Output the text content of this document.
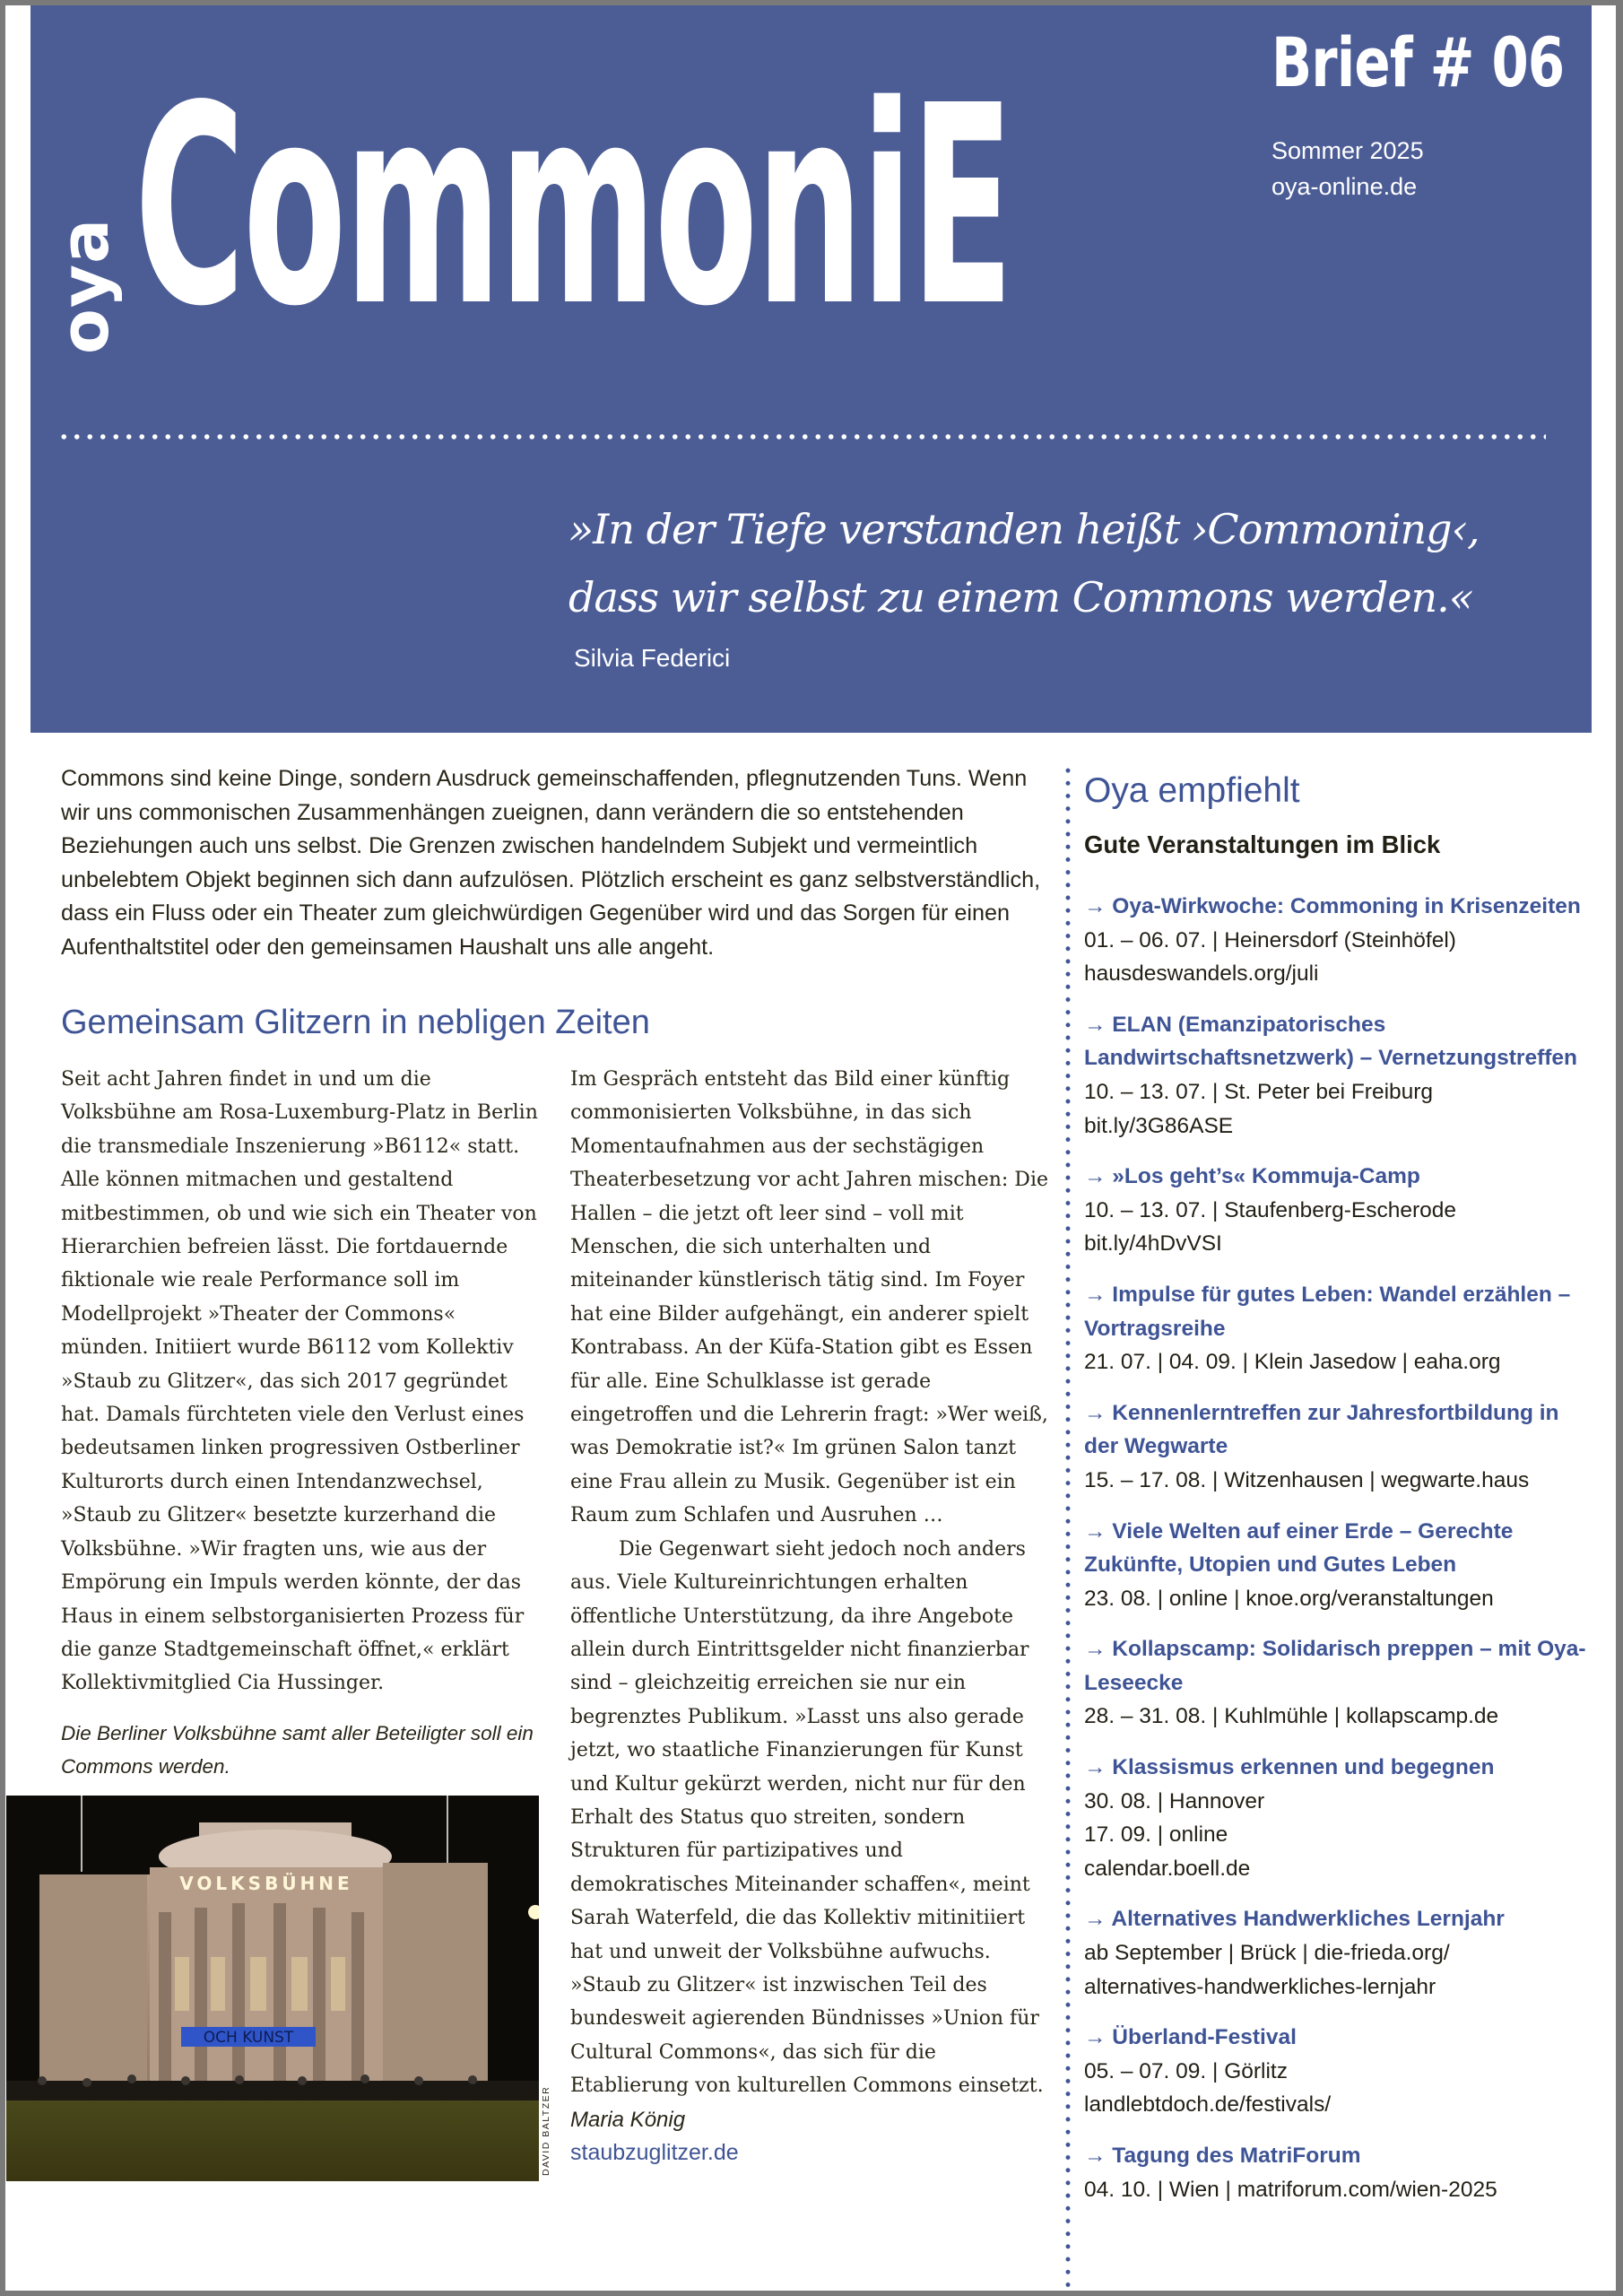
oya CommoniE	Brief # 06
Sommer 2025
oya-online.de
»In der Tiefe verstanden heißt ›Commoning‹,
dass wir selbst zu einem Commons werden.«
Silvia Federici

Commons sind keine Dinge, sondern Ausdruck gemeinschaffenden, pflegnutzenden Tuns. Wenn wir uns commonischen Zusammenhängen zueignen, dann verändern die so entstehenden Beziehungen auch uns selbst. Die Grenzen zwischen handelndem Subjekt und vermeintlich unbelebtem Objekt beginnen sich dann aufzulösen. Plötzlich erscheint es ganz selbstverständlich, dass ein Fluss oder ein Theater zum gleichwürdigen Gegenüber wird und das Sorgen für einen Aufenthaltstitel oder den gemeinsamen Haushalt uns alle angeht.

Gemeinsam Glitzern in nebligen Zeiten

Seit acht Jahren findet in und um die Volksbühne am Rosa-Luxemburg-Platz in Berlin die transmediale Inszenierung »B6112« statt. Alle können mitmachen und gestaltend mitbestimmen, ob und wie sich ein Theater von Hierarchien befreien lässt. Die fortdauernde fiktionale wie reale Performance soll im Modellprojekt »Theater der Commons« münden. Initiiert wurde B6112 vom Kollektiv »Staub zu Glitzer«, das sich 2017 gegründet hat. Damals fürchteten viele den Verlust eines bedeutsamen linken progressiven Ostberliner Kulturorts durch einen Intendanzwechsel, »Staub zu Glitzer« besetzte kurzerhand die Volksbühne. »Wir fragten uns, wie aus der Empörung ein Impuls werden könnte, der das Haus in einem selbstorganisierten Prozess für die ganze Stadtgemeinschaft öffnet,« erklärt Kollektivmitglied Cia Hussinger.

Die Berliner Volksbühne samt aller Beteiligter soll ein Commons werden.
VOLKSBÜHNE
OCH KUNST
DAVID BALTZER

Im Gespräch entsteht das Bild einer künftig commonisierten Volksbühne, in das sich Momentaufnahmen aus der sechstägigen Theaterbesetzung vor acht Jahren mischen: Die Hallen – die jetzt oft leer sind – voll mit Menschen, die sich unterhalten und miteinander künstlerisch tätig sind. Im Foyer hat eine Bilder aufgehängt, ein anderer spielt Kontrabass. An der Küfa-Station gibt es Essen für alle. Eine Schulklasse ist gerade eingetroffen und die Lehrerin fragt: »Wer weiß, was Demokratie ist?« Im grünen Salon tanzt eine Frau allein zu Musik. Gegenüber ist ein Raum zum Schlafen und Ausruhen …

Die Gegenwart sieht jedoch noch anders aus. Viele Kultureinrichtungen erhalten öffentliche Unterstützung, da ihre Angebote allein durch Eintrittsgelder nicht finanzierbar sind – gleichzeitig erreichen sie nur ein begrenztes Publikum. »Lasst uns also gerade jetzt, wo staatliche Finanzierungen für Kunst und Kultur gekürzt werden, nicht nur für den Erhalt des Status quo streiten, sondern Strukturen für partizipatives und demokratisches Miteinander schaffen«, meint Sarah Waterfeld, die das Kollektiv mitinitiiert hat und unweit der Volksbühne aufwuchs. »Staub zu Glitzer« ist inzwischen Teil des bundesweit agierenden Bündnisses »Union für Cultural Commons«, das sich für die Etablierung von kulturellen Commons einsetzt.

Maria König
staubzuglitzer.de
Oya empfiehlt
Gute Veranstaltungen im Blick
→ Oya-Wirkwoche: Commoning in Krisenzeiten
01. – 06. 07. | Heinersdorf (Steinhöfel)
hausdeswandels.org/juli
→ ELAN (Emanzipatorisches Landwirtschaftsnetzwerk) – Vernetzungstreffen
10. – 13. 07. | St. Peter bei Freiburg
bit.ly/3G86ASE
→ »Los geht’s« Kommuja-Camp
10. – 13. 07. | Staufenberg-Escherode
bit.ly/4hDvVSI
→ Impulse für gutes Leben: Wandel erzählen – Vortragsreihe
21. 07. | 04. 09. | Klein Jasedow | eaha.org
→ Kennenlerntreffen zur Jahresfortbildung in der Wegwarte
15. – 17. 08. | Witzenhausen | wegwarte.haus
→ Viele Welten auf einer Erde – Gerechte Zukünfte, Utopien und Gutes Leben
23. 08. | online | knoe.org/veranstaltungen
→ Kollapscamp: Solidarisch preppen – mit Oya-Leseecke
28. – 31. 08. | Kuhlmühle | kollapscamp.de
→ Klassismus erkennen und begegnen
30. 08. | Hannover
17. 09. | online
calendar.boell.de
→ Alternatives Handwerkliches Lernjahr
ab September | Brück | die-frieda.org/
alternatives-handwerkliches-lernjahr
→ Überland-Festival
05. – 07. 09. | Görlitz
landlebtdoch.de/festivals/
→ Tagung des MatriForum
04. 10. | Wien | matriforum.com/wien-2025
